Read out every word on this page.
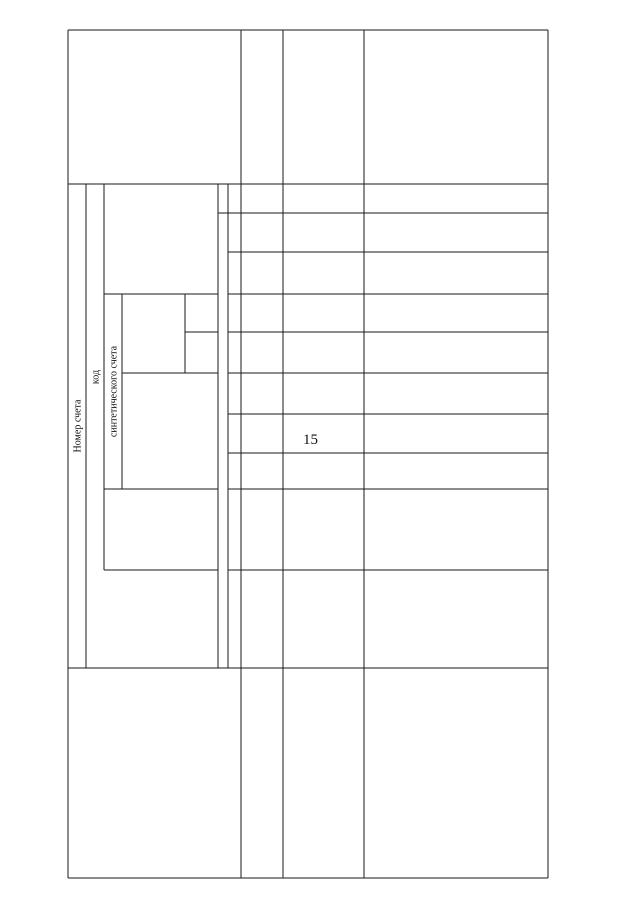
15
Номер счета
код синтетического счета
